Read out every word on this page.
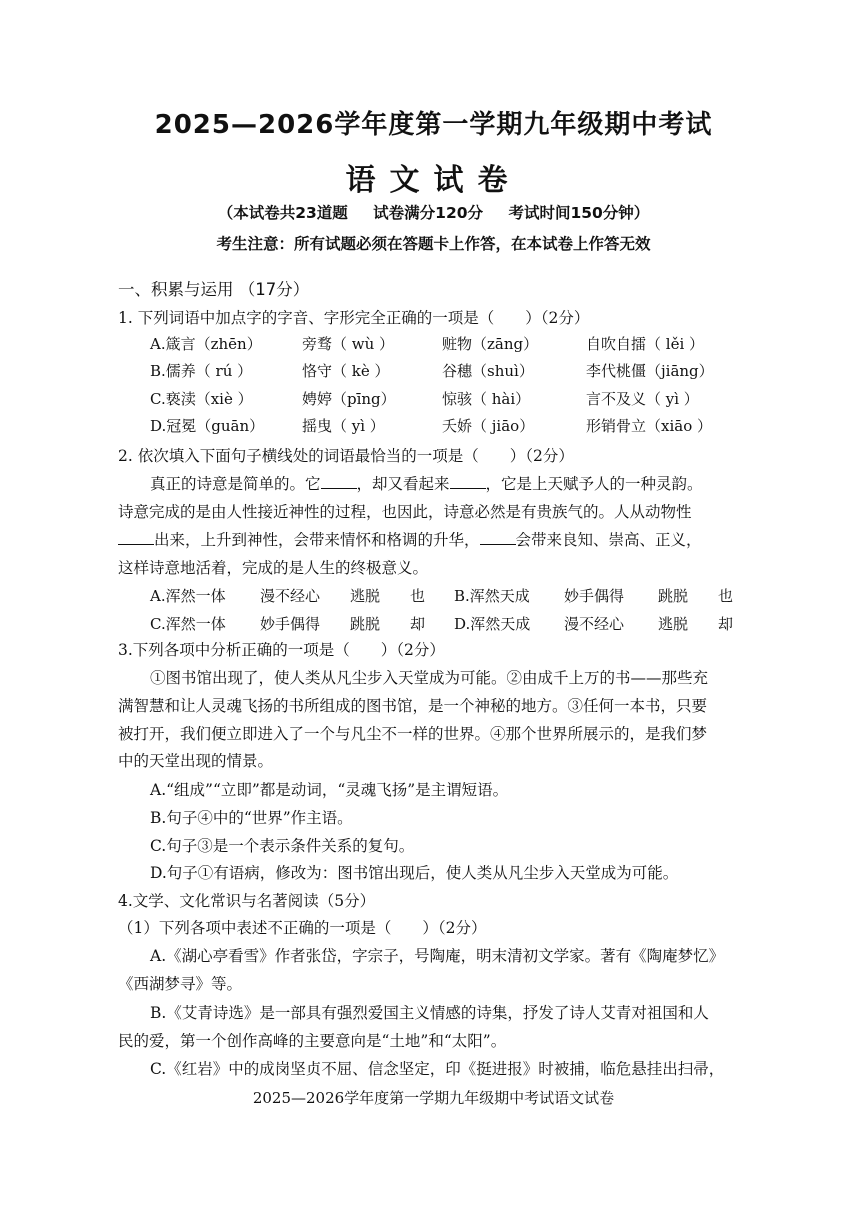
2025—2026学年度第一学期九年级期中考试
语文试卷
（本试卷共23道题 试卷满分120分 考试时间150分钟）
考生注意：所有试题必须在答题卡上作答，在本试卷上作答无效
一、积累与运用 （17分）
1. 下列词语中加点字的字音、字形完全正确的一项是（　　）（2分）
A.箴言（zhēn）	旁骛（ wù ）	赃物（zāng）	自吹自擂（ lěi ）
B.儒养（ rú ）	恪守（ kè ）	谷穗（shuì）	李代桃僵（jiāng）
C.亵渎（xiè ）	娉婷（pīng）	惊骇（ hài）	言不及义（ yì ）
D.冠冕（guān）	摇曳（ yì ）	夭娇（ jiāo）	形销骨立（xiāo ）
2. 依次填入下面句子横线处的词语最恰当的一项是（　　）（2分）
真正的诗意是简单的。它 ，却又看起来 ，它是上天赋予人的一种灵韵。
诗意完成的是由人性接近神性的过程，也因此，诗意必然是有贵族气的。人从动物性
出来，上升到神性，会带来情怀和格调的升华， 会带来良知、崇高、正义，
这样诗意地活着，完成的是人生的终极意义。
A.浑然一体 漫不经心 逃脱 也 B.浑然天成 妙手偶得 跳脱 也
C.浑然一体 妙手偶得 跳脱 却 D.浑然天成 漫不经心 逃脱 却
3.下列各项中分析正确的一项是（　　）（2分）
①图书馆出现了，使人类从凡尘步入天堂成为可能。②由成千上万的书——那些充
满智慧和让人灵魂飞扬的书所组成的图书馆，是一个神秘的地方。③任何一本书，只要
被打开，我们便立即进入了一个与凡尘不一样的世界。④那个世界所展示的，是我们梦
中的天堂出现的情景。
A.“组成”“立即”都是动词，“灵魂飞扬”是主谓短语。
B.句子④中的“世界”作主语。
C.句子③是一个表示条件关系的复句。
D.句子①有语病，修改为：图书馆出现后，使人类从凡尘步入天堂成为可能。
4.文学、文化常识与名著阅读（5分）
（1）下列各项中表述不正确的一项是（　　）（2分）
A.《湖心亭看雪》作者张岱，字宗子，号陶庵，明末清初文学家。著有《陶庵梦忆》
《西湖梦寻》等。
B.《艾青诗选》是一部具有强烈爱国主义情感的诗集，抒发了诗人艾青对祖国和人
民的爱，第一个创作高峰的主要意向是“土地”和“太阳”。
C.《红岩》中的成岗坚贞不屈、信念坚定，印《挺进报》时被捕，临危悬挂出扫帚，
2025—2026学年度第一学期九年级期中考试语文试卷
